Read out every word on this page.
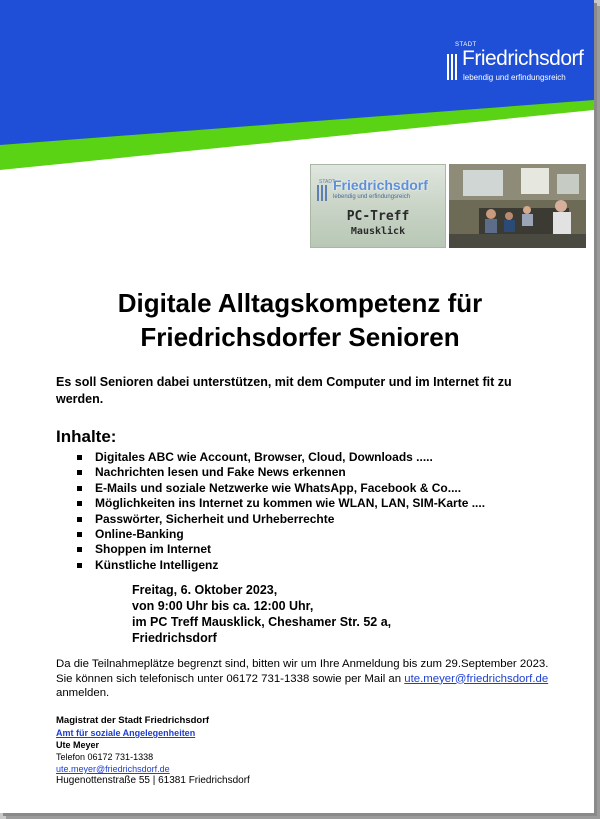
STADT
Friedrichsdorf
lebendig und erfindungsreich
STADT
Friedrichsdorf
lebendig und erfindungsreich
PC-Treff
Mausklick
Digitale Alltagskompetenz für
Friedrichsdorfer Senioren
Es soll Senioren dabei unterstützen, mit dem Computer und im Internet fit zu werden.
Inhalte:
Digitales ABC wie Account, Browser, Cloud, Downloads .....
Nachrichten lesen und Fake News erkennen
E-Mails und soziale Netzwerke wie WhatsApp, Facebook & Co....
Möglichkeiten ins Internet zu kommen wie WLAN, LAN, SIM-Karte ....
Passwörter, Sicherheit und Urheberrechte
Online-Banking
Shoppen im Internet
Künstliche Intelligenz
Freitag, 6. Oktober 2023,
von 9:00 Uhr bis ca. 12:00 Uhr,
im PC Treff Mausklick, Cheshamer Str. 52 a,
Friedrichsdorf
Da die Teilnahmeplätze begrenzt sind, bitten wir um Ihre Anmeldung bis zum 29.September 2023.
Sie können sich telefonisch unter 06172 731-1338 sowie per Mail an ute.meyer@friedrichsdorf.de
anmelden.
Magistrat der Stadt Friedrichsdorf
Amt für soziale Angelegenheiten
Ute Meyer
Telefon 06172 731-1338
ute.meyer@friedrichsdorf.de
Hugenottenstraße 55 | 61381 Friedrichsdorf
